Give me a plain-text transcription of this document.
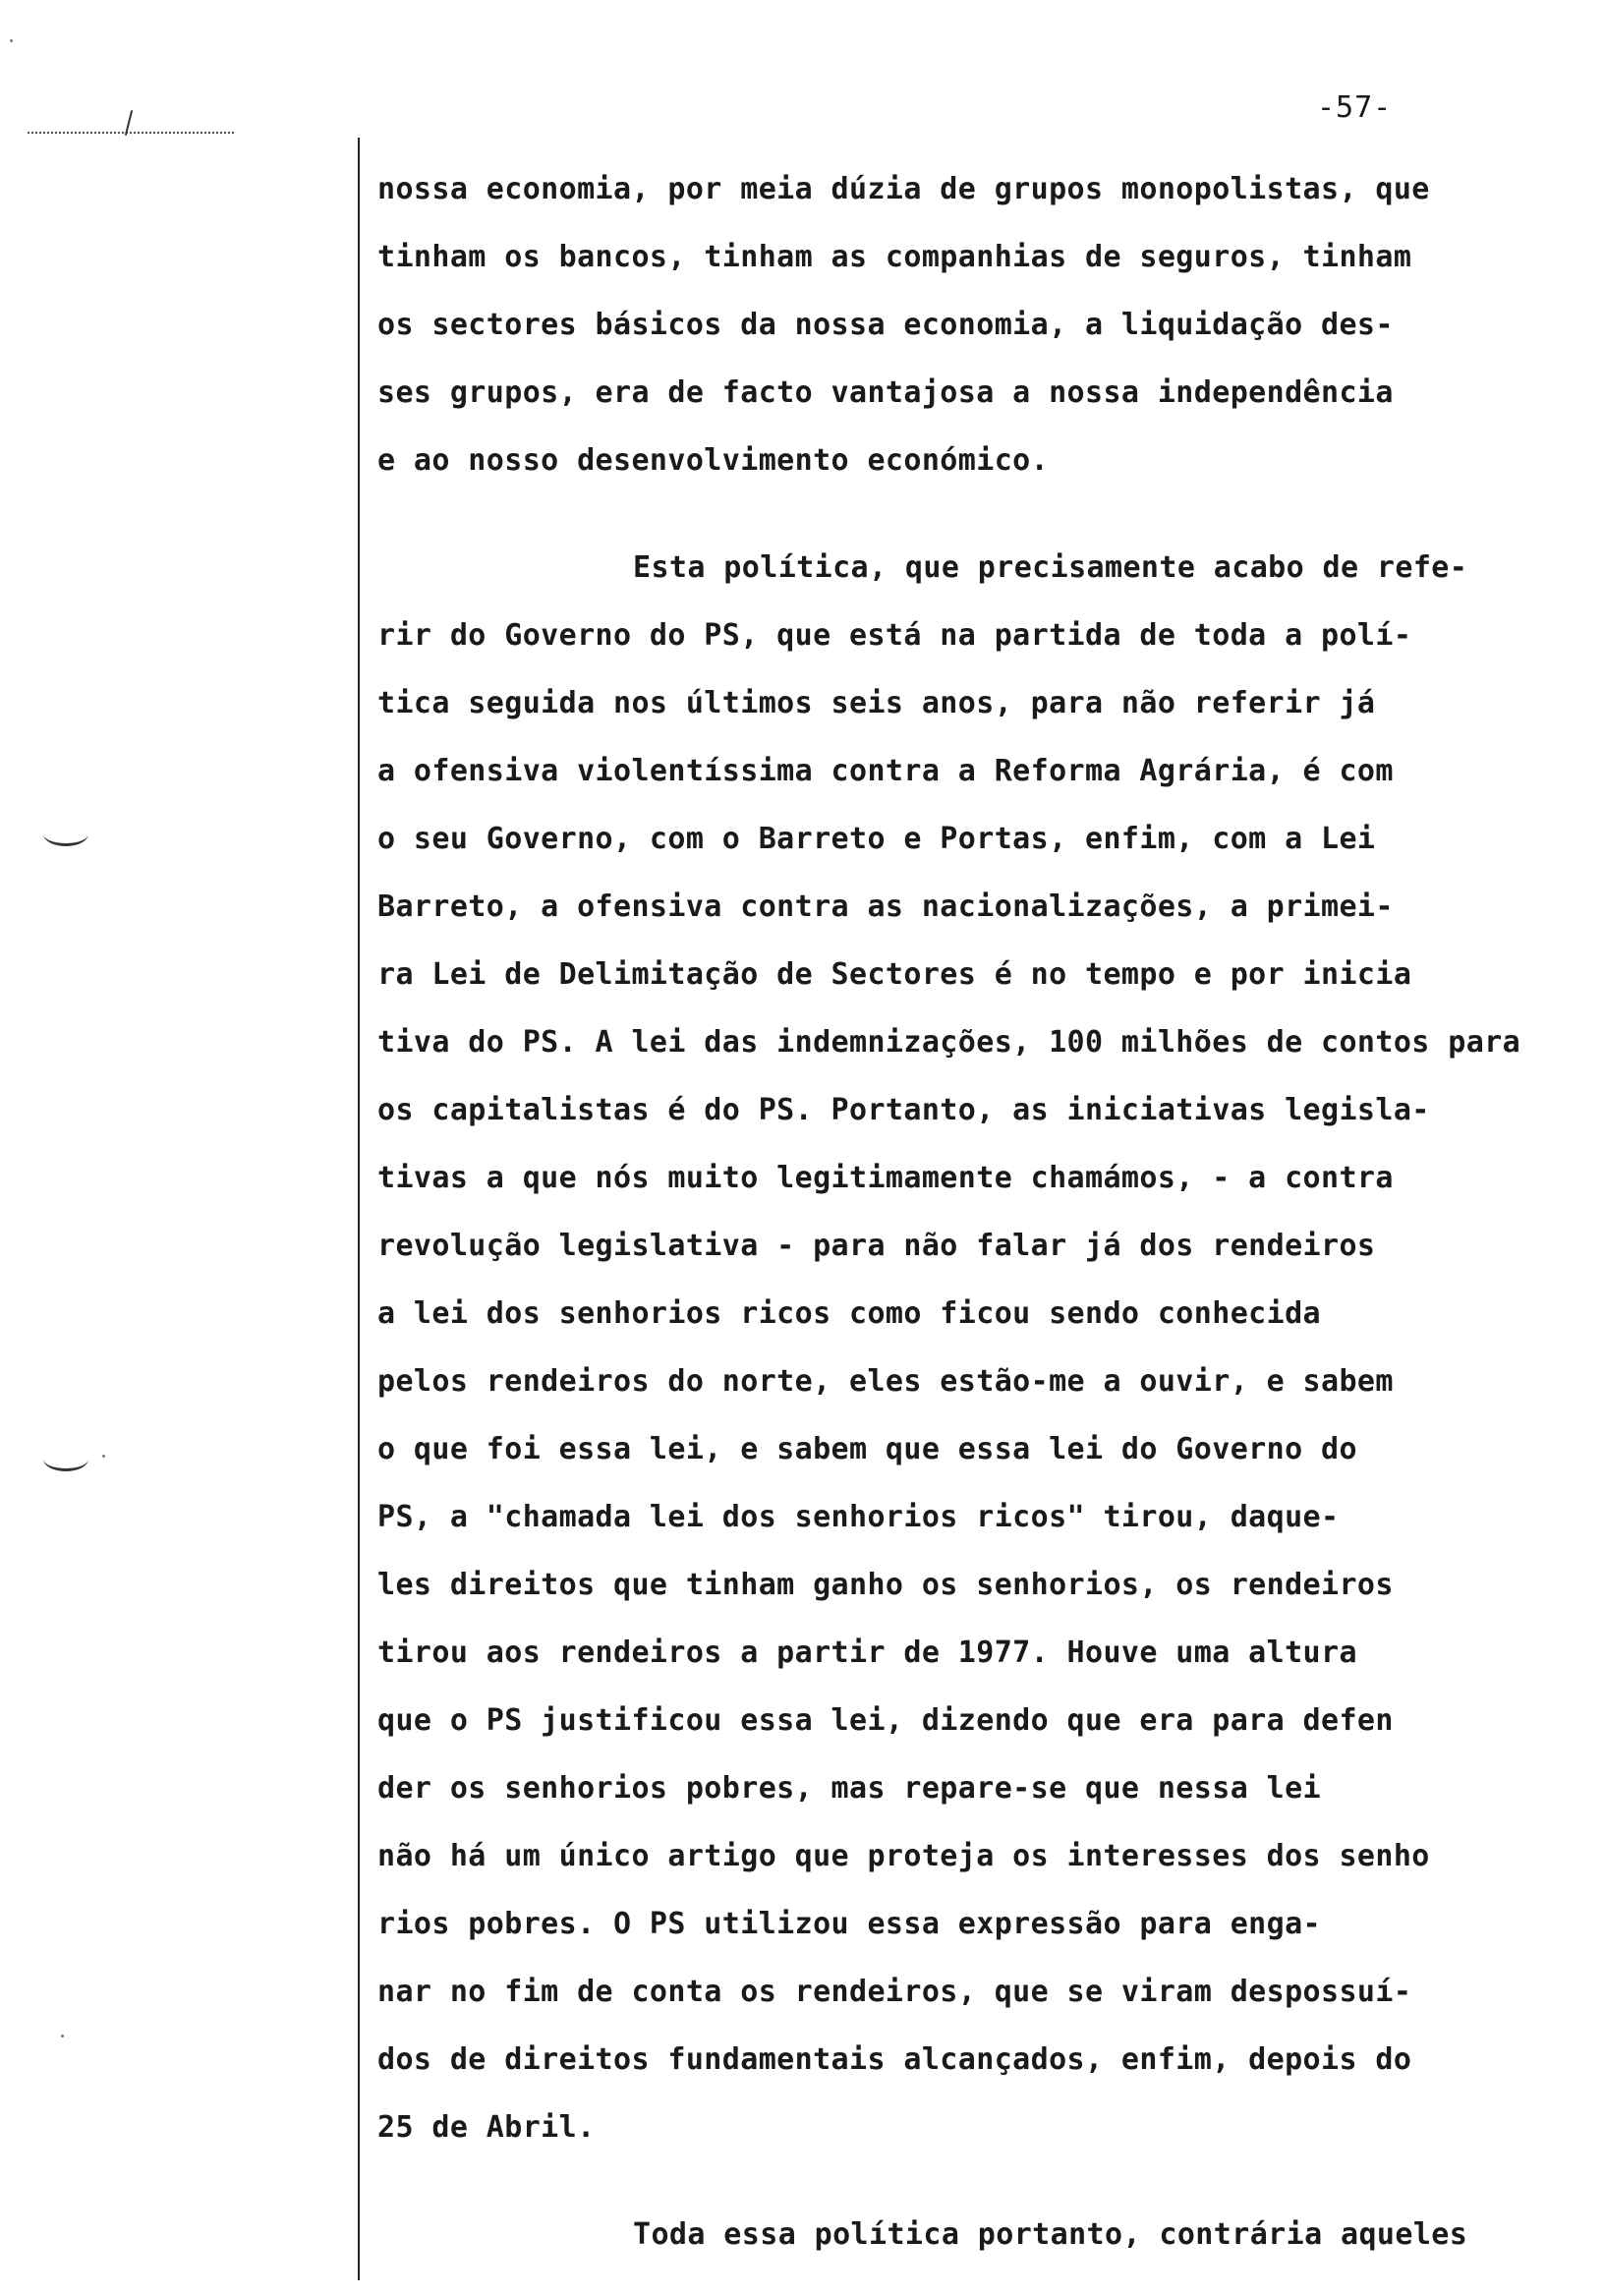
-57-
nossa economia, por meia dúzia de grupos monopolistas, que
tinham os bancos, tinham as companhias de seguros, tinham
os sectores básicos da nossa economia, a liquidação des-
ses grupos, era de facto vantajosa a nossa independência
e ao nosso desenvolvimento económico.
Esta política, que precisamente acabo de refe-
rir do Governo do PS, que está na partida de toda a polí-
tica seguida nos últimos seis anos, para não referir já
a ofensiva violentíssima contra a Reforma Agrária, é com
o seu Governo, com o Barreto e Portas, enfim, com a Lei
Barreto, a ofensiva contra as nacionalizações, a primei-
ra Lei de Delimitação de Sectores é no tempo e por inicia
tiva do PS. A lei das indemnizações, 100 milhões de contos para
os capitalistas é do PS. Portanto, as iniciativas legisla-
tivas a que nós muito legitimamente chamámos, - a contra
revolução legislativa - para não falar já dos rendeiros
a lei dos senhorios ricos como ficou sendo conhecida
pelos rendeiros do norte, eles estão-me a ouvir, e sabem
o que foi essa lei, e sabem que essa lei do Governo do
PS, a "chamada lei dos senhorios ricos" tirou, daque-
les direitos que tinham ganho os senhorios, os rendeiros
tirou aos rendeiros a partir de 1977. Houve uma altura
que o PS justificou essa lei, dizendo que era para defen
der os senhorios pobres, mas repare-se que nessa lei
não há um único artigo que proteja os interesses dos senho
rios pobres. O PS utilizou essa expressão para enga-
nar no fim de conta os rendeiros, que se viram despossuí-
dos de direitos fundamentais alcançados, enfim, depois do
25 de Abril.
Toda essa política portanto, contrária aqueles
